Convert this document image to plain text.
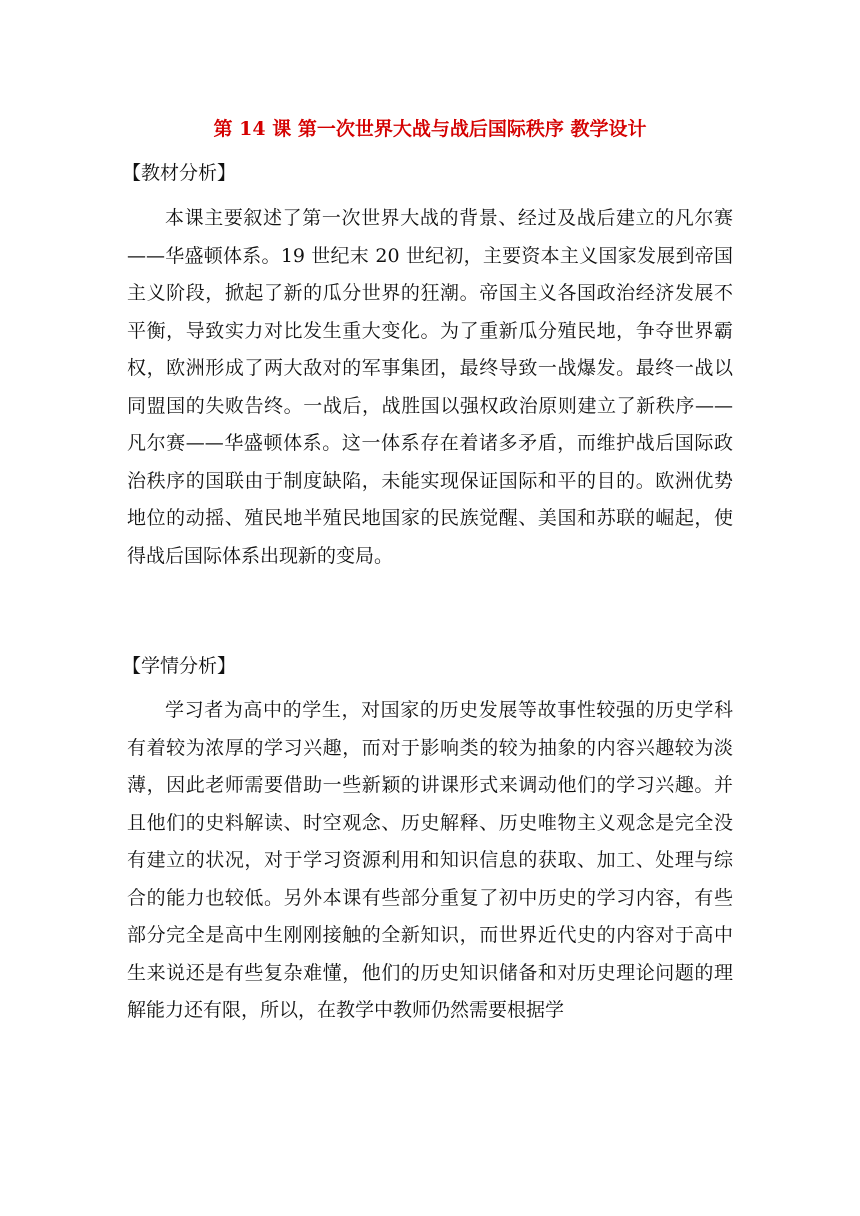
第 14 课 第一次世界大战与战后国际秩序 教学设计
【教材分析】

本课主要叙述了第一次世界大战的背景、经过及战后建立的凡尔赛——华盛顿体系。19 世纪末 20 世纪初，主要资本主义国家发展到帝国主义阶段，掀起了新的瓜分世界的狂潮。帝国主义各国政治经济发展不平衡，导致实力对比发生重大变化。为了重新瓜分殖民地，争夺世界霸权，欧洲形成了两大敌对的军事集团，最终导致一战爆发。最终一战以同盟国的失败告终。一战后，战胜国以强权政治原则建立了新秩序——凡尔赛——华盛顿体系。这一体系存在着诸多矛盾，而维护战后国际政治秩序的国联由于制度缺陷，未能实现保证国际和平的目的。欧洲优势地位的动摇、殖民地半殖民地国家的民族觉醒、美国和苏联的崛起，使得战后国际体系出现新的变局。

【学情分析】

学习者为高中的学生，对国家的历史发展等故事性较强的历史学科有着较为浓厚的学习兴趣，而对于影响类的较为抽象的内容兴趣较为淡薄，因此老师需要借助一些新颖的讲课形式来调动他们的学习兴趣。并且他们的史料解读、时空观念、历史解释、历史唯物主义观念是完全没有建立的状况，对于学习资源利用和知识信息的获取、加工、处理与综合的能力也较低。另外本课有些部分重复了初中历史的学习内容，有些部分完全是高中生刚刚接触的全新知识，而世界近代史的内容对于高中生来说还是有些复杂难懂，他们的历史知识储备和对历史理论问题的理解能力还有限，所以，在教学中教师仍然需要根据学
